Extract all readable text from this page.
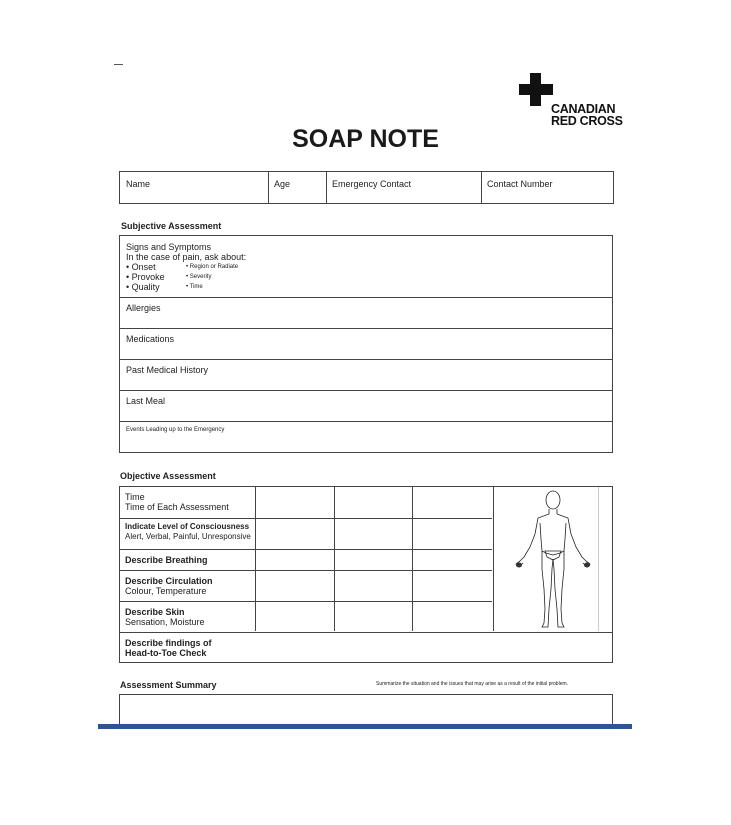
CANADIAN
RED CROSS
SOAP NOTE
Name	Age	Emergency Contact	Contact Number
Subjective Assessment
Signs and Symptoms
In the case of pain, ask about:
• Onset
• Provoke
• Quality
• Region or Radiate
• Severity
• Time
Allergies
Medications
Past Medical History
Last Meal
Events Leading up to the Emergency
Objective Assessment
Time
Time of Each Assessment
Indicate Level of Consciousness
Alert, Verbal, Painful, Unresponsive
Describe Breathing
Describe Circulation
Colour, Temperature
Describe Skin
Sensation, Moisture
Describe findings of
Head-to-Toe Check
Assessment Summary	Summarize the situation and the issues that may arise as a result of the initial problem.
